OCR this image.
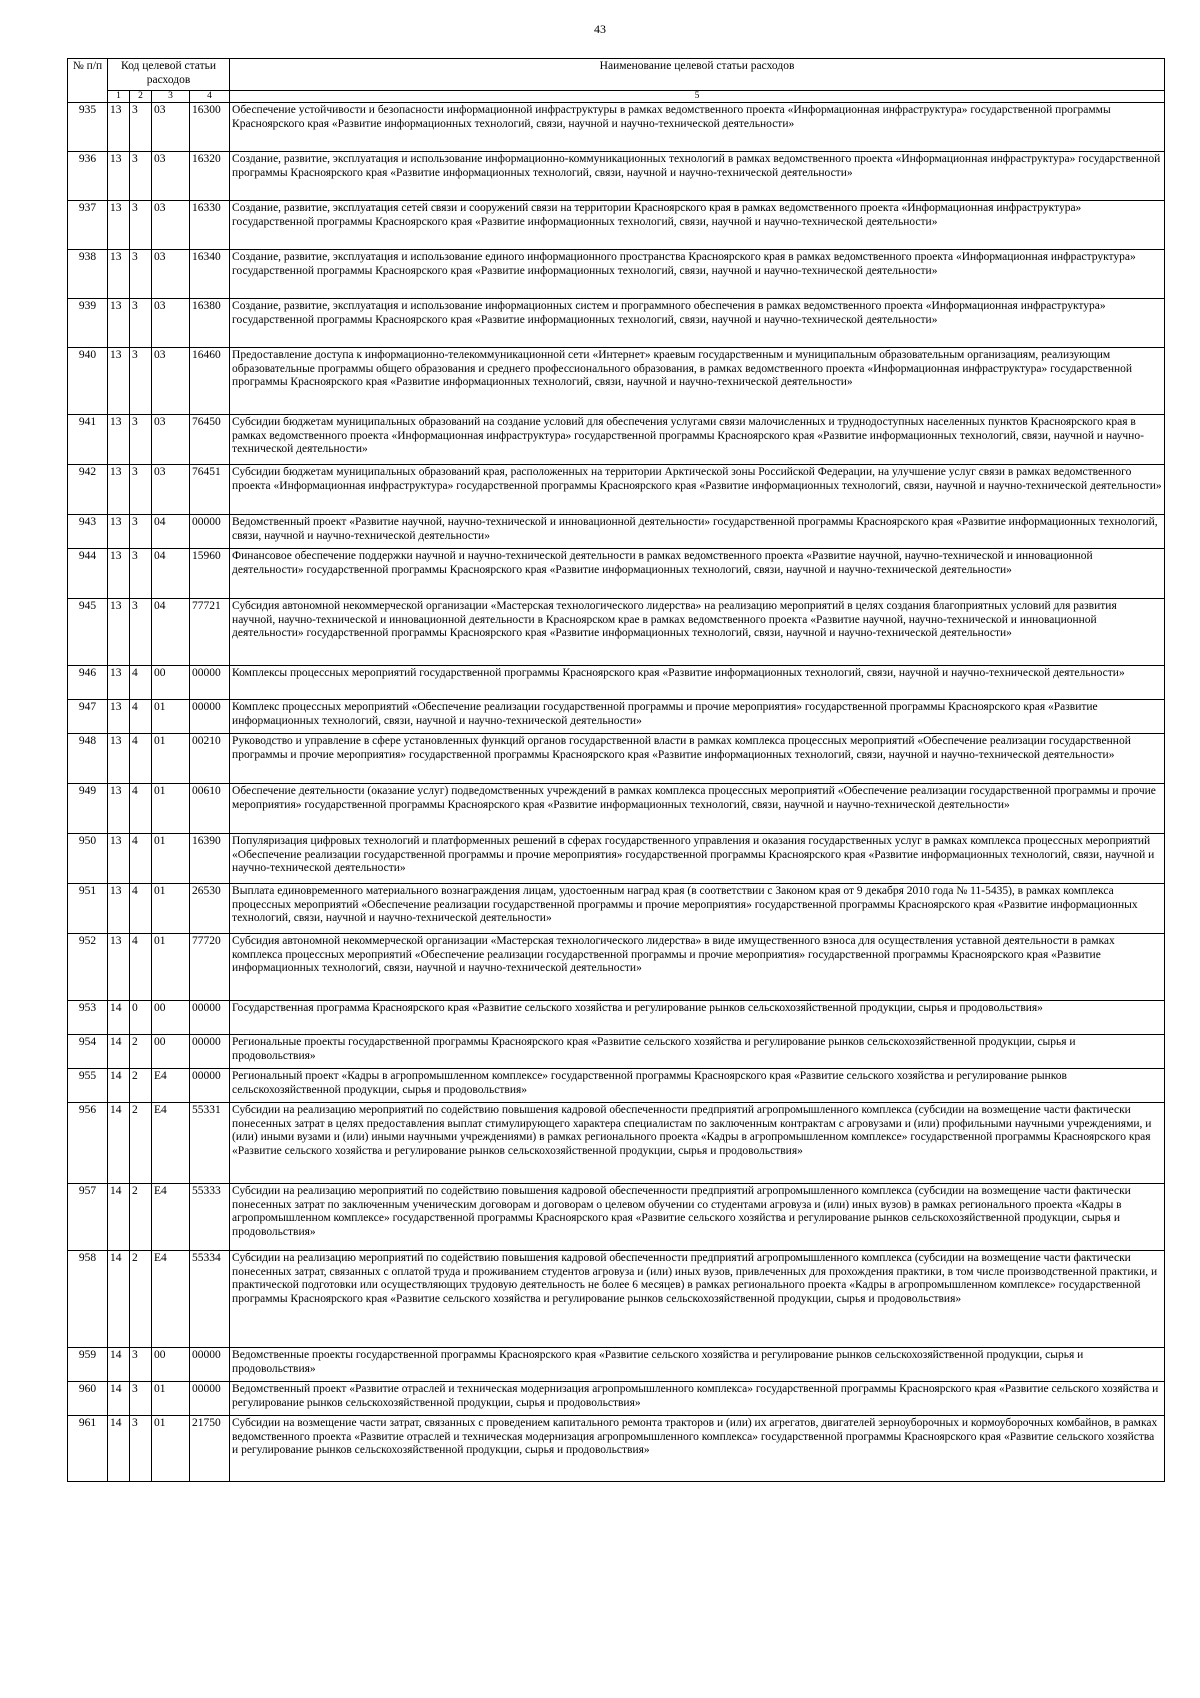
43
№ п/п	Код целевой статьи расходов				Наименование целевой статьи расходов
	1	2	3	4	5
935	13	3	03	16300	Обеспечение устойчивости и безопасности информационной инфраструктуры в рамках ведомственного проекта «Информационная инфраструктура» государственной программы Красноярского края «Развитие информационных технологий, связи, научной и научно-технической деятельности»
936	13	3	03	16320	Создание, развитие, эксплуатация и использование информационно-коммуникационных технологий в рамках ведомственного проекта «Информационная инфраструктура» государственной программы Красноярского края «Развитие информационных технологий, связи, научной и научно-технической деятельности»
937	13	3	03	16330	Создание, развитие, эксплуатация сетей связи и сооружений связи на территории Красноярского края в рамках ведомственного проекта «Информационная инфраструктура» государственной программы Красноярского края «Развитие информационных технологий, связи, научной и научно-технической деятельности»
938	13	3	03	16340	Создание, развитие, эксплуатация и использование единого информационного пространства Красноярского края в рамках ведомственного проекта «Информационная инфраструктура» государственной программы Красноярского края «Развитие информационных технологий, связи, научной и научно-технической деятельности»
939	13	3	03	16380	Создание, развитие, эксплуатация и использование информационных систем и программного обеспечения в рамках ведомственного проекта «Информационная инфраструктура» государственной программы Красноярского края «Развитие информационных технологий, связи, научной и научно-технической деятельности»
940	13	3	03	16460	Предоставление доступа к информационно-телекоммуникационной сети «Интернет» краевым государственным и муниципальным образовательным организациям, реализующим образовательные программы общего образования и среднего профессионального образования, в рамках ведомственного проекта «Информационная инфраструктура» государственной программы Красноярского края «Развитие информационных технологий, связи, научной и научно-технической деятельности»
941	13	3	03	76450	Субсидии бюджетам муниципальных образований на создание условий для обеспечения услугами связи малочисленных и труднодоступных населенных пунктов Красноярского края в рамках ведомственного проекта «Информационная инфраструктура» государственной программы Красноярского края «Развитие информационных технологий, связи, научной и научно-технической деятельности»
942	13	3	03	76451	Субсидии бюджетам муниципальных образований края, расположенных на территории Арктической зоны Российской Федерации, на улучшение услуг связи в рамках ведомственного проекта «Информационная инфраструктура» государственной программы Красноярского края «Развитие информационных технологий, связи, научной и научно-технической деятельности»
943	13	3	04	00000	Ведомственный проект «Развитие научной, научно-технической и инновационной деятельности» государственной программы Красноярского края «Развитие информационных технологий, связи, научной и научно-технической деятельности»
944	13	3	04	15960	Финансовое обеспечение поддержки научной и научно-технической деятельности в рамках ведомственного проекта «Развитие научной, научно-технической и инновационной деятельности» государственной программы Красноярского края «Развитие информационных технологий, связи, научной и научно-технической деятельности»
945	13	3	04	77721	Субсидия автономной некоммерческой организации «Мастерская технологического лидерства» на реализацию мероприятий в целях создания благоприятных условий для развития научной, научно-технической и инновационной деятельности в Красноярском крае в рамках ведомственного проекта «Развитие научной, научно-технической и инновационной деятельности» государственной программы Красноярского края «Развитие информационных технологий, связи, научной и научно-технической деятельности»
946	13	4	00	00000	Комплексы процессных мероприятий государственной программы Красноярского края «Развитие информационных технологий, связи, научной и научно-технической деятельности»
947	13	4	01	00000	Комплекс процессных мероприятий «Обеспечение реализации государственной программы и прочие мероприятия» государственной программы Красноярского края «Развитие информационных технологий, связи, научной и научно-технической деятельности»
948	13	4	01	00210	Руководство и управление в сфере установленных функций органов государственной власти в рамках комплекса процессных мероприятий «Обеспечение реализации государственной программы и прочие мероприятия» государственной программы Красноярского края «Развитие информационных технологий, связи, научной и научно-технической деятельности»
949	13	4	01	00610	Обеспечение деятельности (оказание услуг) подведомственных учреждений в рамках комплекса процессных мероприятий «Обеспечение реализации государственной программы и прочие мероприятия» государственной программы Красноярского края «Развитие информационных технологий, связи, научной и научно-технической деятельности»
950	13	4	01	16390	Популяризация цифровых технологий и платформенных решений в сферах государственного управления и оказания государственных услуг в рамках комплекса процессных мероприятий «Обеспечение реализации государственной программы и прочие мероприятия» государственной программы Красноярского края «Развитие информационных технологий, связи, научной и научно-технической деятельности»
951	13	4	01	26530	Выплата единовременного материального вознаграждения лицам, удостоенным наград края (в соответствии с Законом края от 9 декабря 2010 года № 11-5435), в рамках комплекса процессных мероприятий «Обеспечение реализации государственной программы и прочие мероприятия» государственной программы Красноярского края «Развитие информационных технологий, связи, научной и научно-технической деятельности»
952	13	4	01	77720	Субсидия автономной некоммерческой организации «Мастерская технологического лидерства» в виде имущественного взноса для осуществления уставной деятельности в рамках комплекса процессных мероприятий «Обеспечение реализации государственной программы и прочие мероприятия» государственной программы Красноярского края «Развитие информационных технологий, связи, научной и научно-технической деятельности»
953	14	0	00	00000	Государственная программа Красноярского края «Развитие сельского хозяйства и регулирование рынков сельскохозяйственной продукции, сырья и продовольствия»
954	14	2	00	00000	Региональные проекты государственной программы Красноярского края «Развитие сельского хозяйства и регулирование рынков сельскохозяйственной продукции, сырья и продовольствия»
955	14	2	E4	00000	Региональный проект «Кадры в агропромышленном комплексе» государственной программы Красноярского края «Развитие сельского хозяйства и регулирование рынков сельскохозяйственной продукции, сырья и продовольствия»
956	14	2	E4	55331	Субсидии на реализацию мероприятий по содействию повышения кадровой обеспеченности предприятий агропромышленного комплекса (субсидии на возмещение части фактически понесенных затрат в целях предоставления выплат стимулирующего характера специалистам по заключенным контрактам с агровузами и (или) профильными научными учреждениями, и (или) иными вузами и (или) иными научными учреждениями) в рамках регионального проекта «Кадры в агропромышленном комплексе» государственной программы Красноярского края «Развитие сельского хозяйства и регулирование рынков сельскохозяйственной продукции, сырья и продовольствия»
957	14	2	E4	55333	Субсидии на реализацию мероприятий по содействию повышения кадровой обеспеченности предприятий агропромышленного комплекса (субсидии на возмещение части фактически понесенных затрат по заключенным ученическим договорам и договорам о целевом обучении со студентами агровуза и (или) иных вузов) в рамках регионального проекта «Кадры в агропромышленном комплексе» государственной программы Красноярского края «Развитие сельского хозяйства и регулирование рынков сельскохозяйственной продукции, сырья и продовольствия»
958	14	2	E4	55334	Субсидии на реализацию мероприятий по содействию повышения кадровой обеспеченности предприятий агропромышленного комплекса (субсидии на возмещение части фактически понесенных затрат, связанных с оплатой труда и проживанием студентов агровуза и (или) иных вузов, привлеченных для прохождения практики, в том числе производственной практики, и практической подготовки или осуществляющих трудовую деятельность не более 6 месяцев) в рамках регионального проекта «Кадры в агропромышленном комплексе» государственной программы Красноярского края «Развитие сельского хозяйства и регулирование рынков сельскохозяйственной продукции, сырья и продовольствия»
959	14	3	00	00000	Ведомственные проекты государственной программы Красноярского края «Развитие сельского хозяйства и регулирование рынков сельскохозяйственной продукции, сырья и продовольствия»
960	14	3	01	00000	Ведомственный проект «Развитие отраслей и техническая модернизация агропромышленного комплекса» государственной программы Красноярского края «Развитие сельского хозяйства и регулирование рынков сельскохозяйственной продукции, сырья и продовольствия»
961	14	3	01	21750	Субсидии на возмещение части затрат, связанных с проведением капитального ремонта тракторов и (или) их агрегатов, двигателей зерноуборочных и кормоуборочных комбайнов, в рамках ведомственного проекта «Развитие отраслей и техническая модернизация агропромышленного комплекса» государственной программы Красноярского края «Развитие сельского хозяйства и регулирование рынков сельскохозяйственной продукции, сырья и продовольствия»
